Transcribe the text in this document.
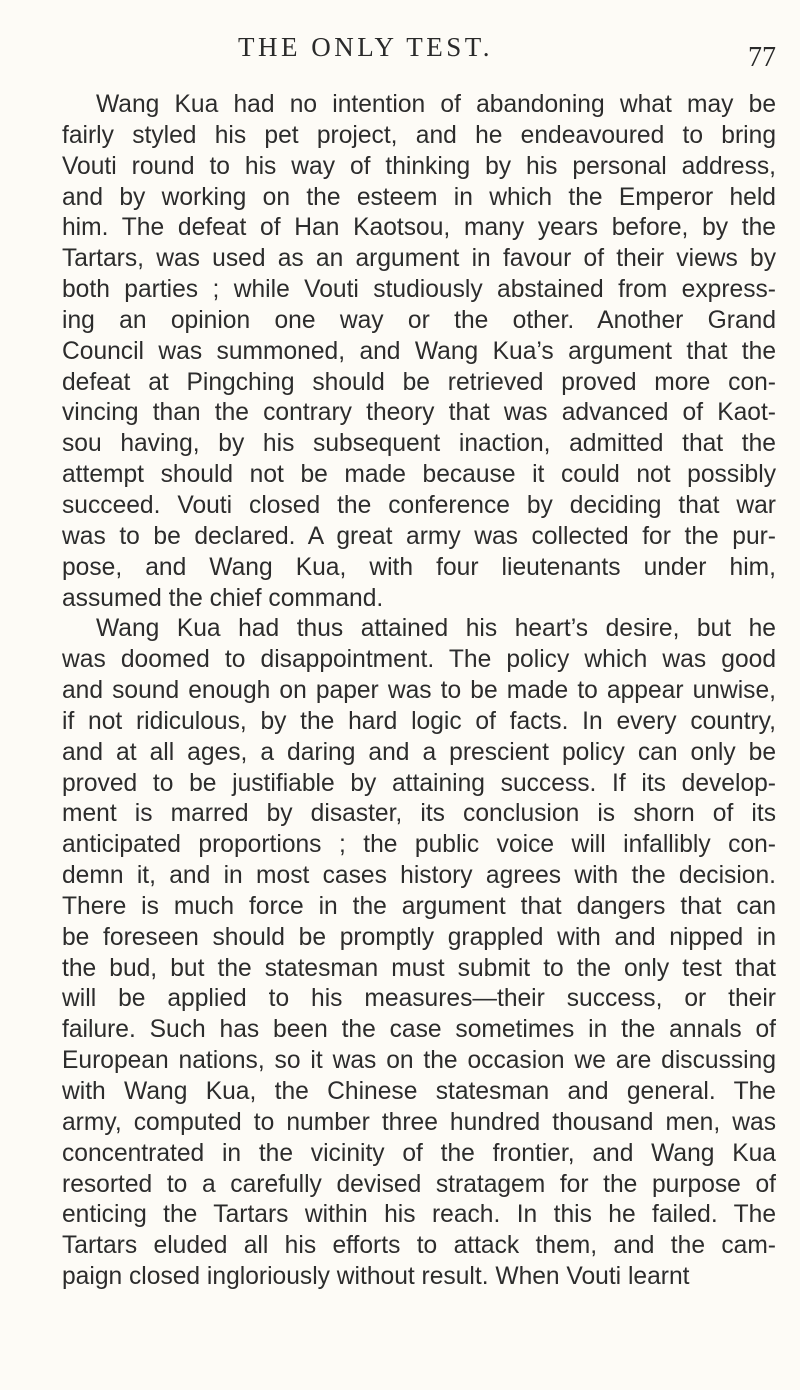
THE ONLY TEST.	77
Wang Kua had no intention of abandoning what may be
fairly styled his pet project, and he endeavoured to bring
Vouti round to his way of thinking by his personal address,
and by working on the esteem in which the Emperor held
him. The defeat of Han Kaotsou, many years before, by the
Tartars, was used as an argument in favour of their views by
both parties ; while Vouti studiously abstained from express-
ing an opinion one way or the other. Another Grand
Council was summoned, and Wang Kua’s argument that the
defeat at Pingching should be retrieved proved more con-
vincing than the contrary theory that was advanced of Kaot-
sou having, by his subsequent inaction, admitted that the
attempt should not be made because it could not possibly
succeed. Vouti closed the conference by deciding that war
was to be declared. A great army was collected for the pur-
pose, and Wang Kua, with four lieutenants under him,
assumed the chief command.
Wang Kua had thus attained his heart’s desire, but he
was doomed to disappointment. The policy which was good
and sound enough on paper was to be made to appear unwise,
if not ridiculous, by the hard logic of facts. In every country,
and at all ages, a daring and a prescient policy can only be
proved to be justifiable by attaining success. If its develop-
ment is marred by disaster, its conclusion is shorn of its
anticipated proportions ; the public voice will infallibly con-
demn it, and in most cases history agrees with the decision.
There is much force in the argument that dangers that can
be foreseen should be promptly grappled with and nipped in
the bud, but the statesman must submit to the only test that
will be applied to his measures—their success, or their
failure. Such has been the case sometimes in the annals of
European nations, so it was on the occasion we are discussing
with Wang Kua, the Chinese statesman and general. The
army, computed to number three hundred thousand men, was
concentrated in the vicinity of the frontier, and Wang Kua
resorted to a carefully devised stratagem for the purpose of
enticing the Tartars within his reach. In this he failed. The
Tartars eluded all his efforts to attack them, and the cam-
paign closed ingloriously without result. When Vouti learnt
